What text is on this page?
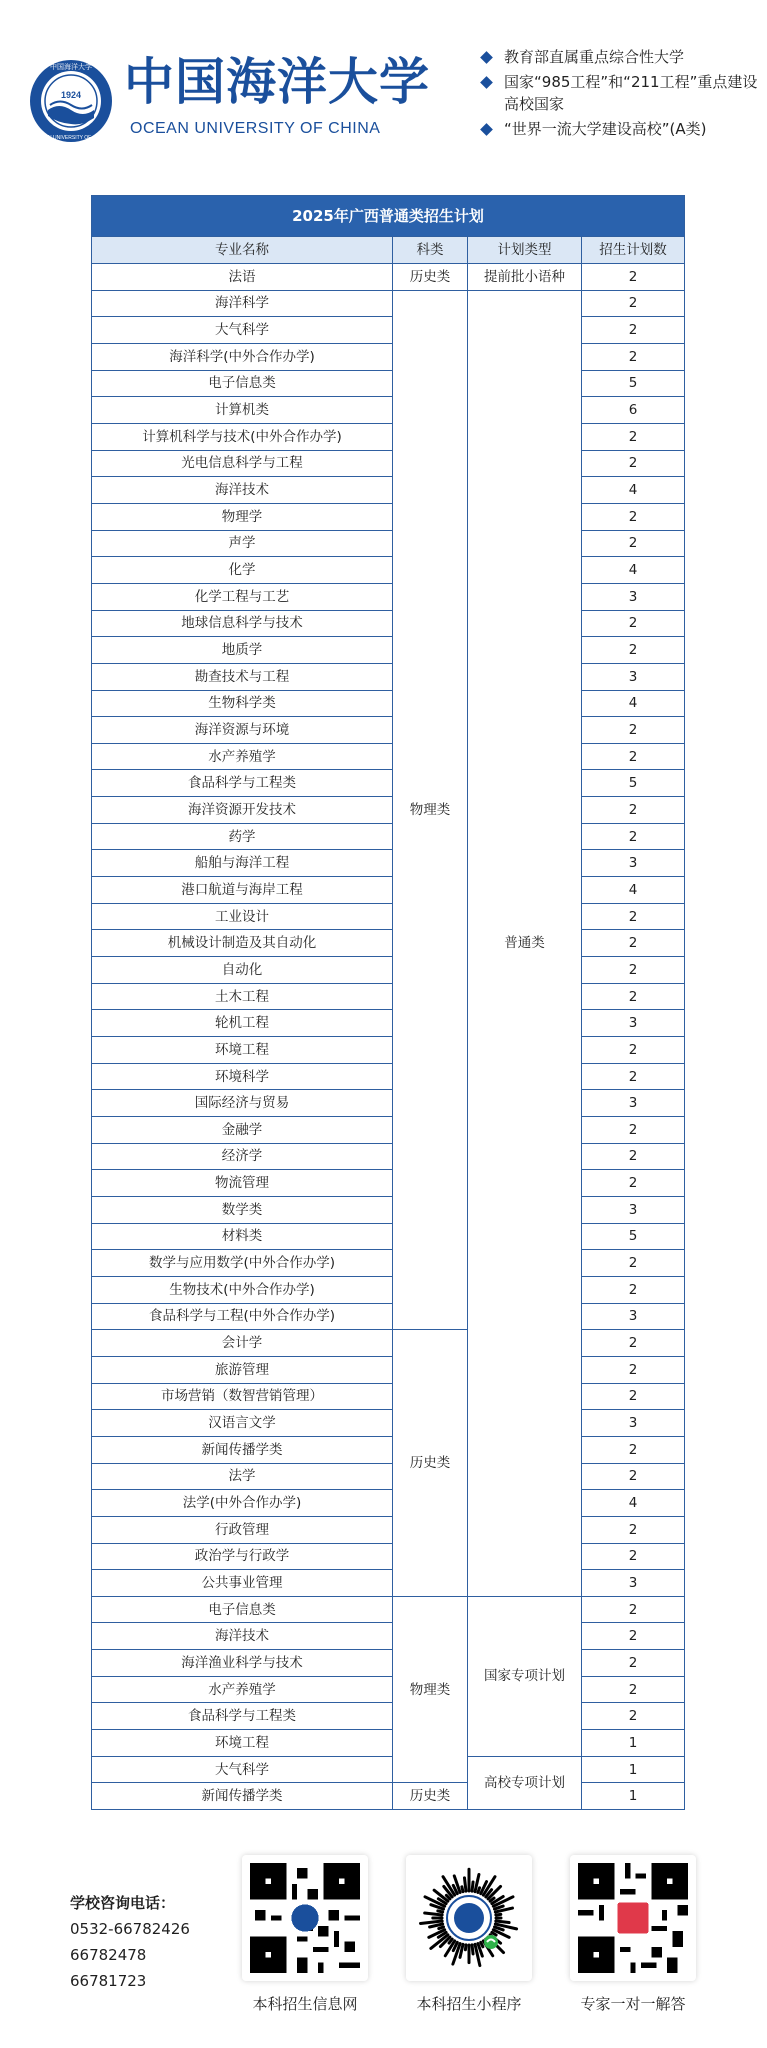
1924
中国海洋大学
OCEAN UNIVERSITY OF CHINA
中国海洋大学
OCEAN UNIVERSITY OF CHINA
教育部直属重点综合性大学
国家“985工程”和“211工程”重点建设高校国家
“世界一流大学建设高校”(A类)
2025年广西普通类招生计划			
专业名称	科类	计划类型	招生计划数
法语	历史类	提前批小语种	2
海洋科学	物理类	普通类	2
大气科学			2
海洋科学(中外合作办学)			2
电子信息类			5
计算机类			6
计算机科学与技术(中外合作办学)			2
光电信息科学与工程			2
海洋技术			4
物理学			2
声学			2
化学			4
化学工程与工艺			3
地球信息科学与技术			2
地质学			2
勘查技术与工程			3
生物科学类			4
海洋资源与环境			2
水产养殖学			2
食品科学与工程类			5
海洋资源开发技术			2
药学			2
船舶与海洋工程			3
港口航道与海岸工程			4
工业设计			2
机械设计制造及其自动化			2
自动化			2
土木工程			2
轮机工程			3
环境工程			2
环境科学			2
国际经济与贸易			3
金融学			2
经济学			2
物流管理			2
数学类			3
材料类			5
数学与应用数学(中外合作办学)			2
生物技术(中外合作办学)			2
食品科学与工程(中外合作办学)			3
会计学	历史类		2
旅游管理			2
市场营销（数智营销管理）			2
汉语言文学			3
新闻传播学类			2
法学			2
法学(中外合作办学)			4
行政管理			2
政治学与行政学			2
公共事业管理			3
电子信息类	物理类	国家专项计划	2
海洋技术			2
海洋渔业科学与技术			2
水产养殖学			2
食品科学与工程类			2
环境工程			1
大气科学		高校专项计划	1
新闻传播学类	历史类		1
学校咨询电话：
0532-66782426
66782478
66781723
本科招生信息网	本科招生小程序	专家一对一解答
